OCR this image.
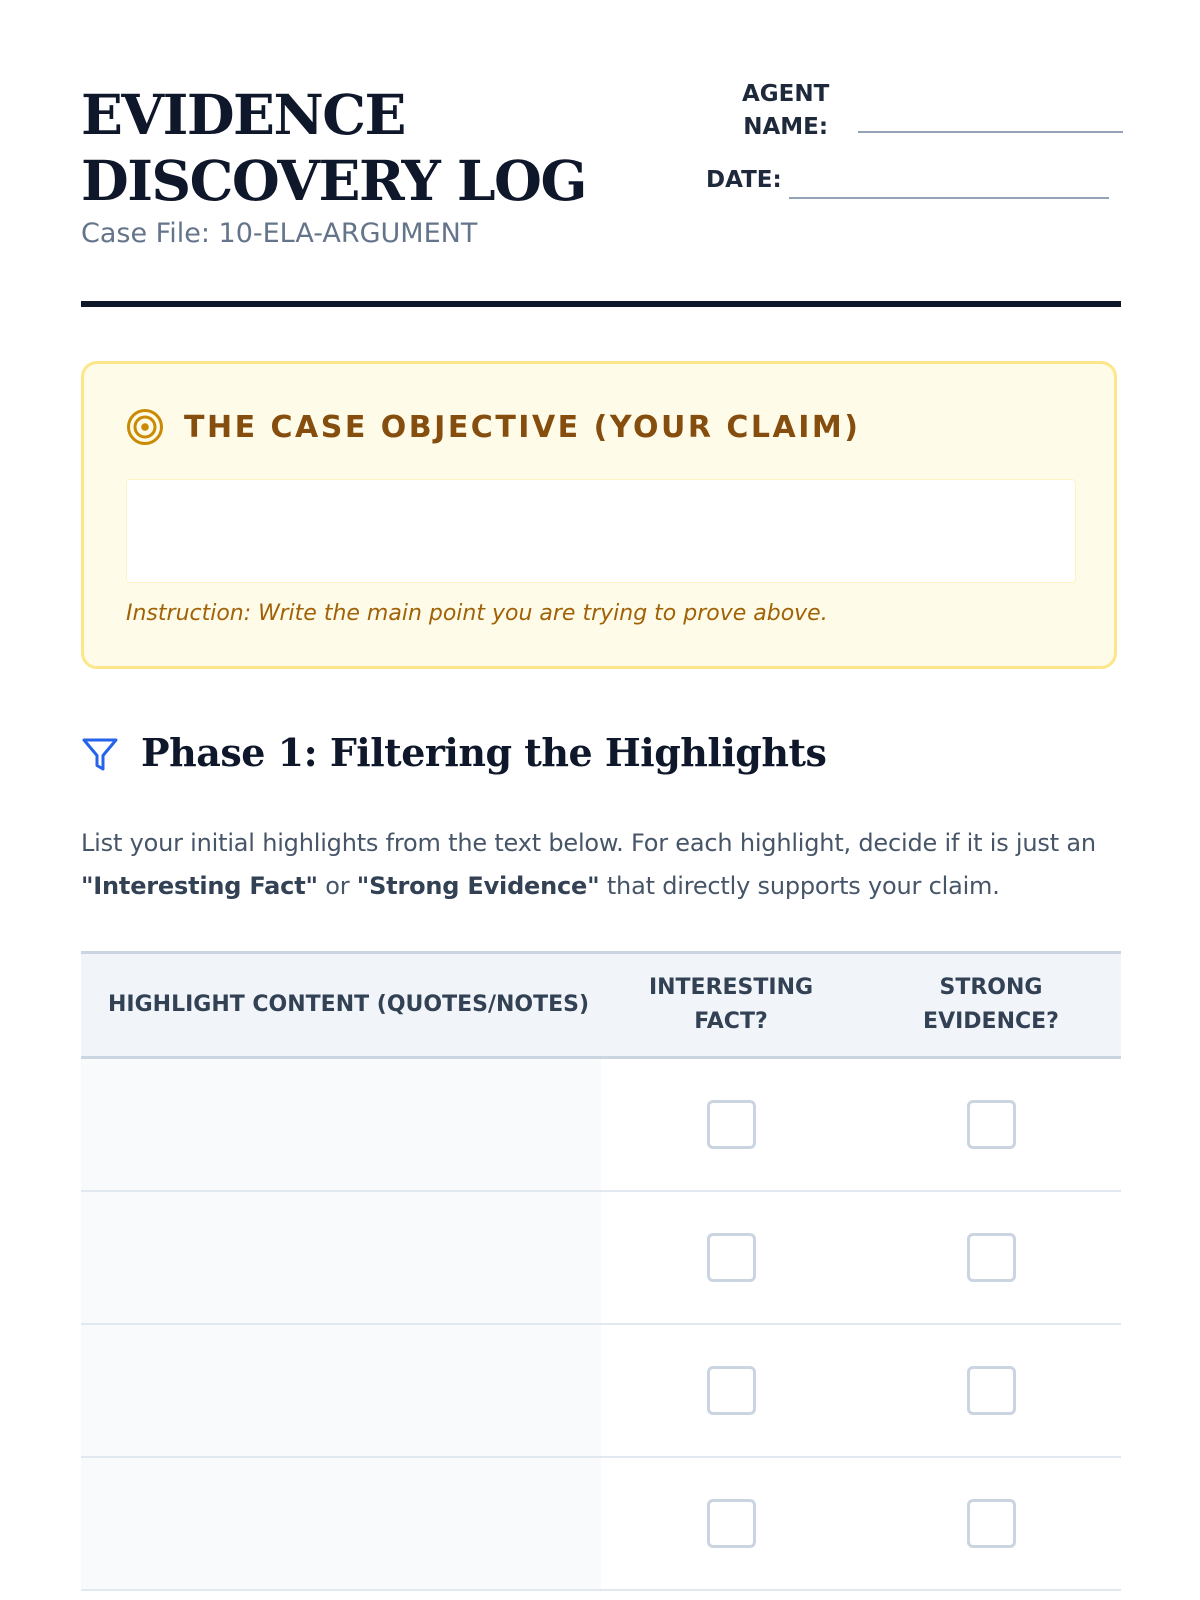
EVIDENCE
DISCOVERY LOG

Case File: 10-ELA-ARGUMENT

AGENT
NAME:
DATE:
THE CASE OBJECTIVE (YOUR CLAIM)
Instruction: Write the main point you are trying to prove above.
Phase 1: Filtering the Highlights

List your initial highlights from the text below. For each highlight, decide if it is just an "Interesting Fact" or "Strong Evidence" that directly supports your claim.

HIGHLIGHT CONTENT (QUOTES/NOTES)
INTERESTING
FACT?
STRONG
EVIDENCE?
